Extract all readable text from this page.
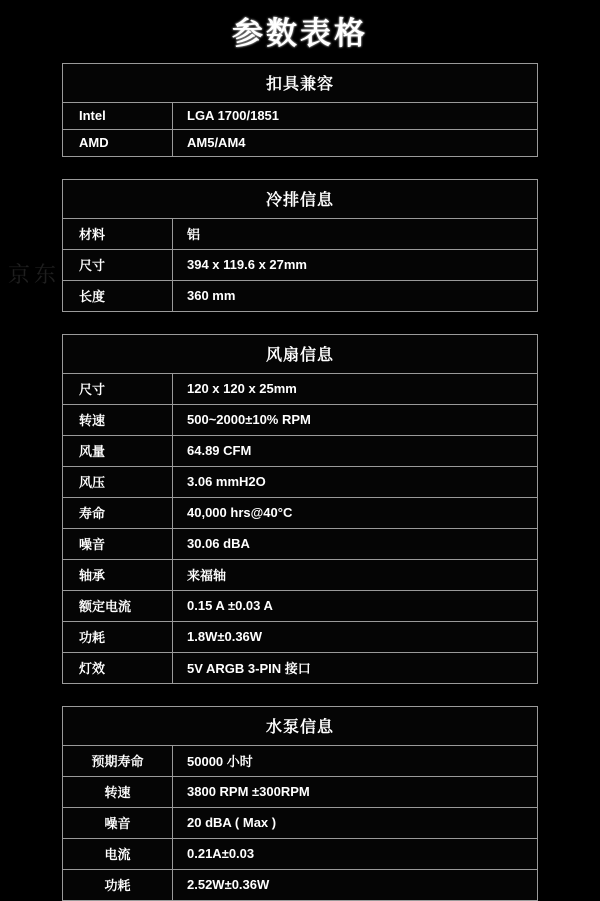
京东
参数表格
扣具兼容	
Intel	LGA 1700/1851
AMD	AM5/AM4
冷排信息	
材料	铝
尺寸	394 x 119.6 x 27mm
长度	360 mm
风扇信息	
尺寸	120 x 120 x 25mm
转速	500~2000±10% RPM
风量	64.89 CFM
风压	3.06 mmH2O
寿命	40,000 hrs@40°C
噪音	30.06 dBA
轴承	来福轴
额定电流	0.15 A ±0.03 A
功耗	1.8W±0.36W
灯效	5V ARGB 3-PIN 接口
水泵信息	
预期寿命	50000 小时
转速	3800 RPM ±300RPM
噪音	20 dBA ( Max )
电流	0.21A±0.03
功耗	2.52W±0.36W
